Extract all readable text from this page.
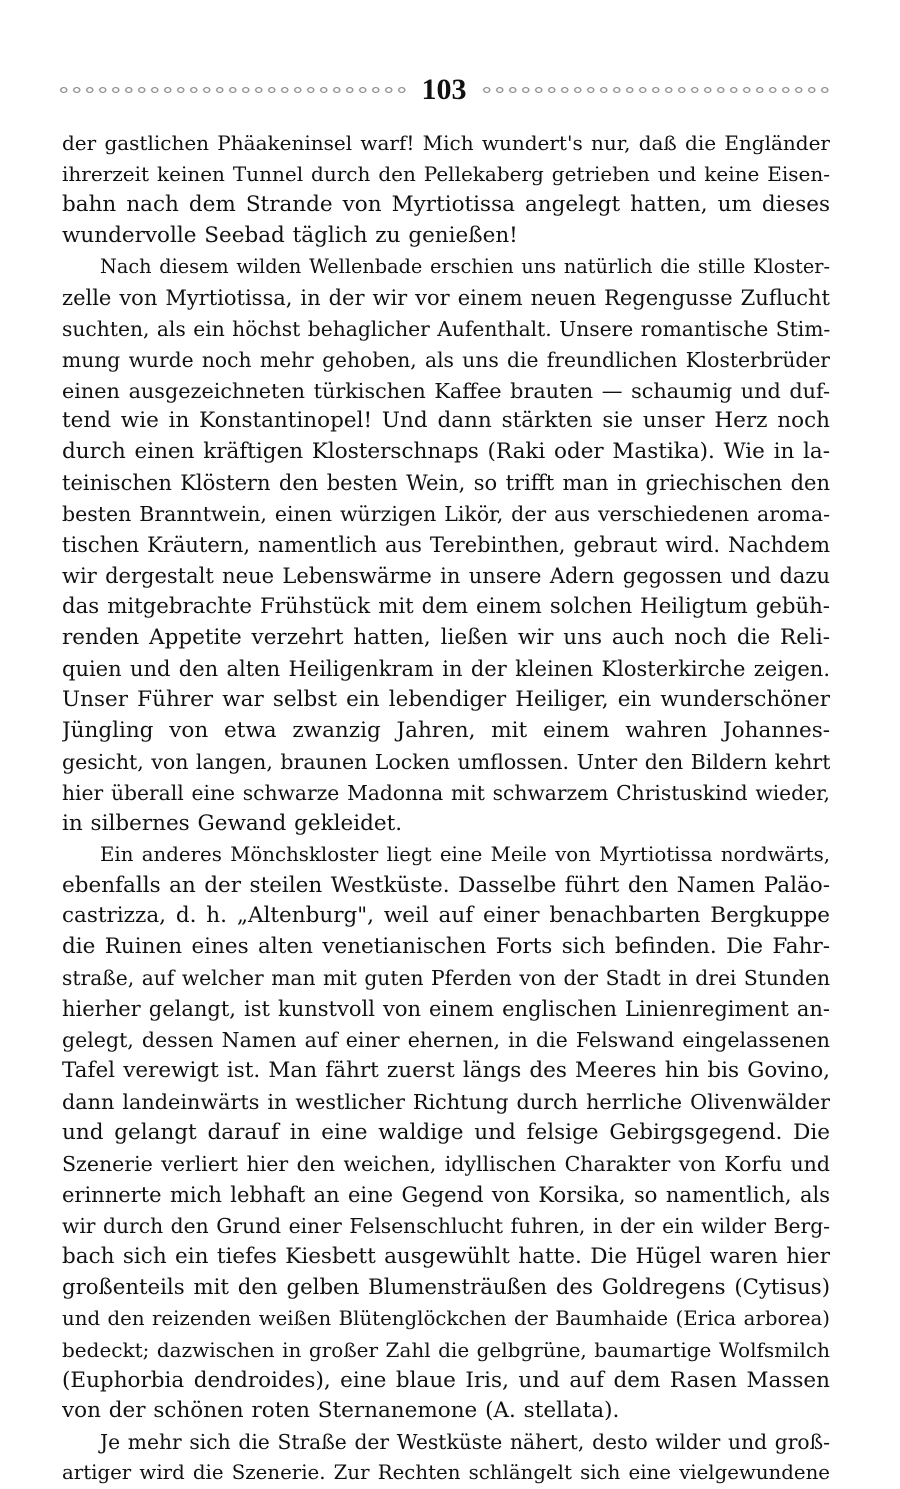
103
der gastlichen Phäakeninsel warf! Mich wundert's nur, daß die Engländer
ihrerzeit keinen Tunnel durch den Pellekaberg getrieben und keine Eisen-
bahn nach dem Strande von Myrtiotissa angelegt hatten, um dieses
wundervolle Seebad täglich zu genießen!
Nach diesem wilden Wellenbade erschien uns natürlich die stille Kloster-
zelle von Myrtiotissa, in der wir vor einem neuen Regengusse Zuflucht
suchten, als ein höchst behaglicher Aufenthalt. Unsere romantische Stim-
mung wurde noch mehr gehoben, als uns die freundlichen Klosterbrüder
einen ausgezeichneten türkischen Kaffee brauten — schaumig und duf-
tend wie in Konstantinopel! Und dann stärkten sie unser Herz noch
durch einen kräftigen Klosterschnaps (Raki oder Mastika). Wie in la-
teinischen Klöstern den besten Wein, so trifft man in griechischen den
besten Branntwein, einen würzigen Likör, der aus verschiedenen aroma-
tischen Kräutern, namentlich aus Terebinthen, gebraut wird. Nachdem
wir dergestalt neue Lebenswärme in unsere Adern gegossen und dazu
das mitgebrachte Frühstück mit dem einem solchen Heiligtum gebüh-
renden Appetite verzehrt hatten, ließen wir uns auch noch die Reli-
quien und den alten Heiligenkram in der kleinen Klosterkirche zeigen.
Unser Führer war selbst ein lebendiger Heiliger, ein wunderschöner
Jüngling von etwa zwanzig Jahren, mit einem wahren Johannes-
gesicht, von langen, braunen Locken umflossen. Unter den Bildern kehrt
hier überall eine schwarze Madonna mit schwarzem Christuskind wieder,
in silbernes Gewand gekleidet.
Ein anderes Mönchskloster liegt eine Meile von Myrtiotissa nordwärts,
ebenfalls an der steilen Westküste. Dasselbe führt den Namen Paläo-
castrizza, d. h. „Altenburg", weil auf einer benachbarten Bergkuppe
die Ruinen eines alten venetianischen Forts sich befinden. Die Fahr-
straße, auf welcher man mit guten Pferden von der Stadt in drei Stunden
hierher gelangt, ist kunstvoll von einem englischen Linienregiment an-
gelegt, dessen Namen auf einer ehernen, in die Felswand eingelassenen
Tafel verewigt ist. Man fährt zuerst längs des Meeres hin bis Govino,
dann landeinwärts in westlicher Richtung durch herrliche Olivenwälder
und gelangt darauf in eine waldige und felsige Gebirgsgegend. Die
Szenerie verliert hier den weichen, idyllischen Charakter von Korfu und
erinnerte mich lebhaft an eine Gegend von Korsika, so namentlich, als
wir durch den Grund einer Felsenschlucht fuhren, in der ein wilder Berg-
bach sich ein tiefes Kiesbett ausgewühlt hatte. Die Hügel waren hier
großenteils mit den gelben Blumensträußen des Goldregens (Cytisus)
und den reizenden weißen Blütenglöckchen der Baumhaide (Erica arborea)
bedeckt; dazwischen in großer Zahl die gelbgrüne, baumartige Wolfsmilch
(Euphorbia dendroides), eine blaue Iris, und auf dem Rasen Massen
von der schönen roten Sternanemone (A. stellata).
Je mehr sich die Straße der Westküste nähert, desto wilder und groß-
artiger wird die Szenerie. Zur Rechten schlängelt sich eine vielgewundene
